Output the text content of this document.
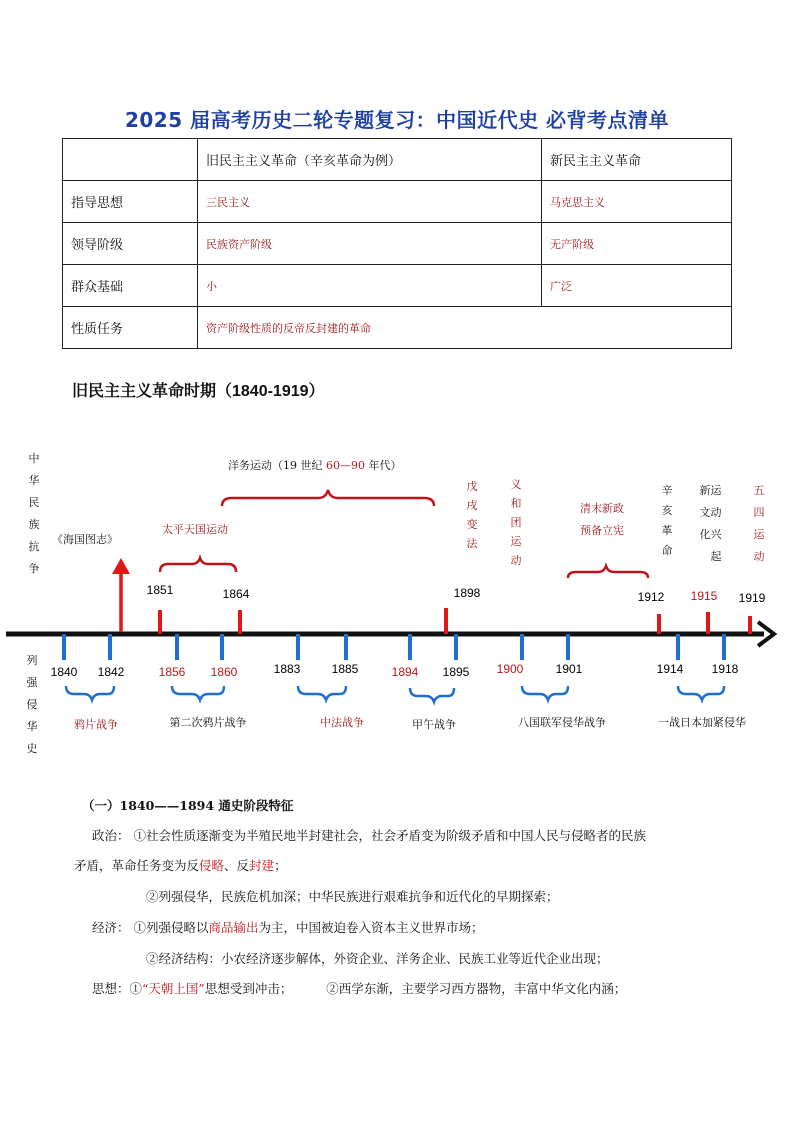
2025 届高考历史二轮专题复习：中国近代史 必背考点清单
	旧民主主义革命（辛亥革命为例）	新民主主义革命
指导思想	三民主义	马克思主义
领导阶级	民族资产阶级	无产阶级
群众基础	小	广泛
性质任务	资产阶级性质的反帝反封建的革命	
旧民主主义革命时期（1840-1919）
中
华
民
族
抗
争
列
强
侵
华
史
1851	1864	1898	1912 1915 1919
1840 1842	1856 1860	1883	1885	1894 1895 1900	1901	1914 1918
洋务运动（19 世纪 60—90 年代）
太平天国运动
《海国图志》
清末新政
预备立宪
戊
戌
变
法
义
和
团
运
动
辛
亥
革
命
新
文
化
运
动
兴
起
五
四
运
动
鸦片战争	第二次鸦片战争	中法战争	甲午战争	八国联军侵华战争	一战日本加紧侵华
（一）1840——1894 通史阶段特征
政治： ①社会性质逐渐变为半殖民地半封建社会，社会矛盾变为阶级矛盾和中国人民与侵略者的民族
矛盾，革命任务变为反侵略、反封建；
②列强侵华，民族危机加深；中华民族进行艰难抗争和近代化的早期探索；
经济： ①列强侵略以商品输出为主，中国被迫卷入资本主义世界市场；
②经济结构：小农经济逐步解体，外资企业、洋务企业、民族工业等近代企业出现；
思想：①“天朝上国”思想受到冲击；	②西学东渐，主要学习西方器物，丰富中华文化内涵；
